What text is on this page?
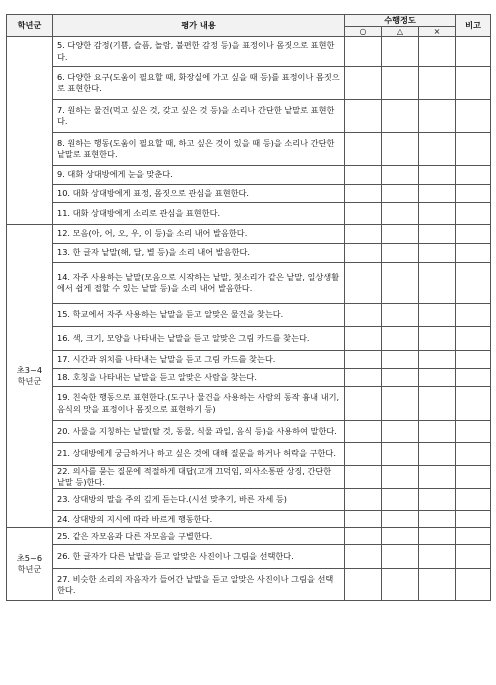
학년군	평가 내용	수행정도			비고
		○	△	×	
	5. 다양한 감정(기쁨, 슬픔, 놀람, 불편한 감정 등)을 표정이나 몸짓으로 표현한다.				
	6. 다양한 요구(도움이 필요할 때, 화장실에 가고 싶을 때 등)를 표정이나 몸짓으로 표현한다.				
	7. 원하는 물건(먹고 싶은 것, 갖고 싶은 것 등)을 소리나 간단한 낱말로 표현한다.				
	8. 원하는 행동(도움이 필요할 때, 하고 싶은 것이 있을 때 등)을 소리나 간단한 낱말로 표현한다.				
	9. 대화 상대방에게 눈을 맞춘다.				
	10. 대화 상대방에게 표정, 몸짓으로 관심을 표현한다.				
	11. 대화 상대방에게 소리로 관심을 표현한다.				
초3~4
학년군	12. 모음(아, 어, 오, 우, 이 등)을 소리 내어 발음한다.				
	13. 한 글자 낱말(해, 달, 별 등)을 소리 내어 발음한다.				
	14. 자주 사용하는 낱말(모음으로 시작하는 낱말, 첫소리가 같은 낱말, 일상생활에서 쉽게 접할 수 있는 낱말 등)을 소리 내어 발음한다.				
	15. 학교에서 자주 사용하는 낱말을 듣고 알맞은 물건을 찾는다.				
	16. 색, 크기, 모양을 나타내는 낱말을 듣고 알맞은 그림 카드를 찾는다.				
	17. 시간과 위치를 나타내는 낱말을 듣고 그림 카드를 찾는다.				
	18. 호칭을 나타내는 낱말을 듣고 알맞은 사람을 찾는다.				
	19. 친숙한 행동으로 표현한다.(도구나 물건을 사용하는 사람의 동작 흉내 내기, 음식의 맛을 표정이나 몸짓으로 표현하기 등)				
	20. 사물을 지칭하는 낱말(탈 것, 동물, 식물 과일, 음식 등)을 사용하여 말한다.				
	21. 상대방에게 궁금하거나 하고 싶은 것에 대해 질문을 하거나 허락을 구한다.				
	22. 의사를 묻는 질문에 적절하게 대답(고개 끄덕임, 의사소통판 상징, 간단한 낱말 등)한다.				
	23. 상대방의 말을 주의 깊게 듣는다.(시선 맞추기, 바른 자세 등)				
	24. 상대방의 지시에 따라 바르게 행동한다.				
초5~6
학년군	25. 같은 자모음과 다른 자모음을 구별한다.				
	26. 한 글자가 다른 낱말을 듣고 알맞은 사진이나 그림을 선택한다.				
	27. 비슷한 소리의 자음자가 들어간 낱말을 듣고 알맞은 사진이나 그림을 선택한다.				
